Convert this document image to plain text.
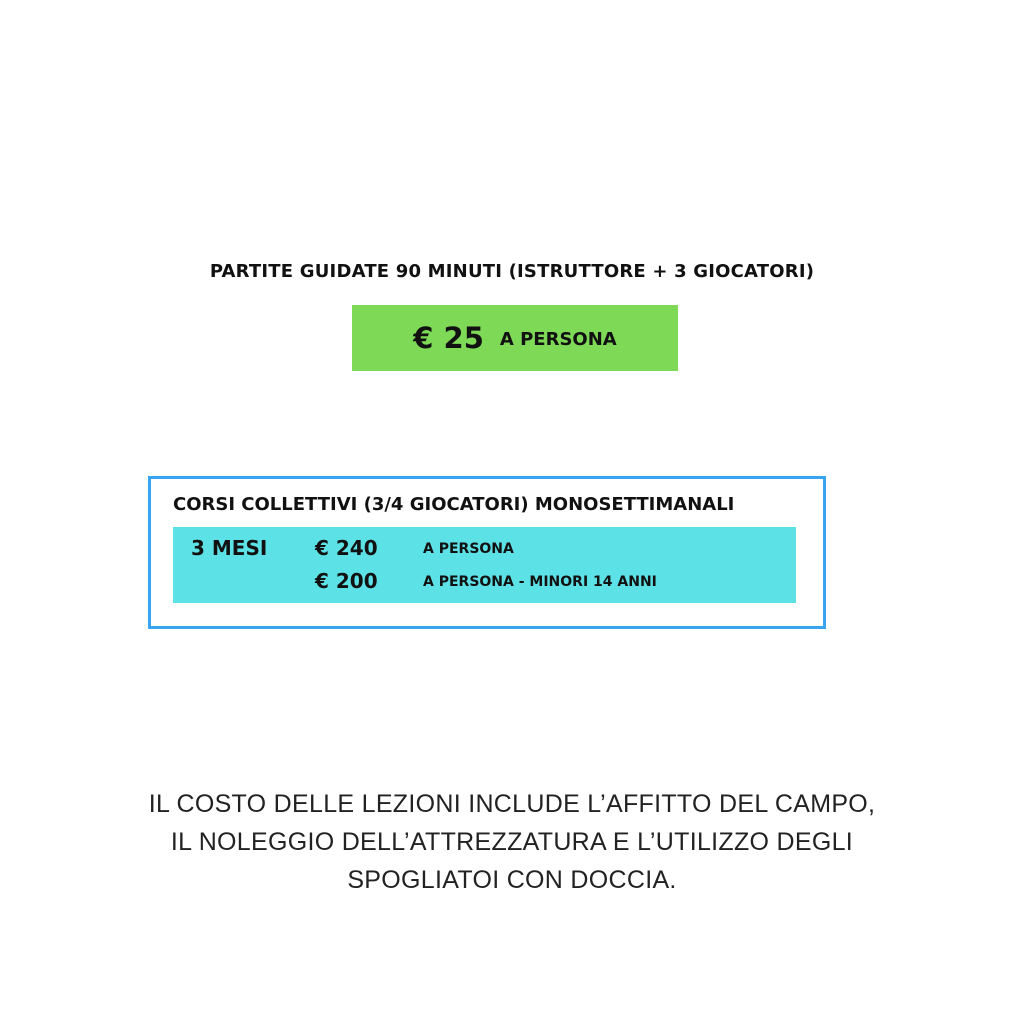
PARTITE GUIDATE 90 MINUTI (ISTRUTTORE + 3 GIOCATORI)
€ 25 A PERSONA
CORSI COLLETTIVI (3/4 GIOCATORI) MONOSETTIMANALI
3 MESI € 240	A PERSONA
€ 200	A PERSONA - MINORI 14 ANNI
IL COSTO DELLE LEZIONI INCLUDE L’AFFITTO DEL CAMPO,
IL NOLEGGIO DELL’ATTREZZATURA E L’UTILIZZO DEGLI
SPOGLIATOI CON DOCCIA.
